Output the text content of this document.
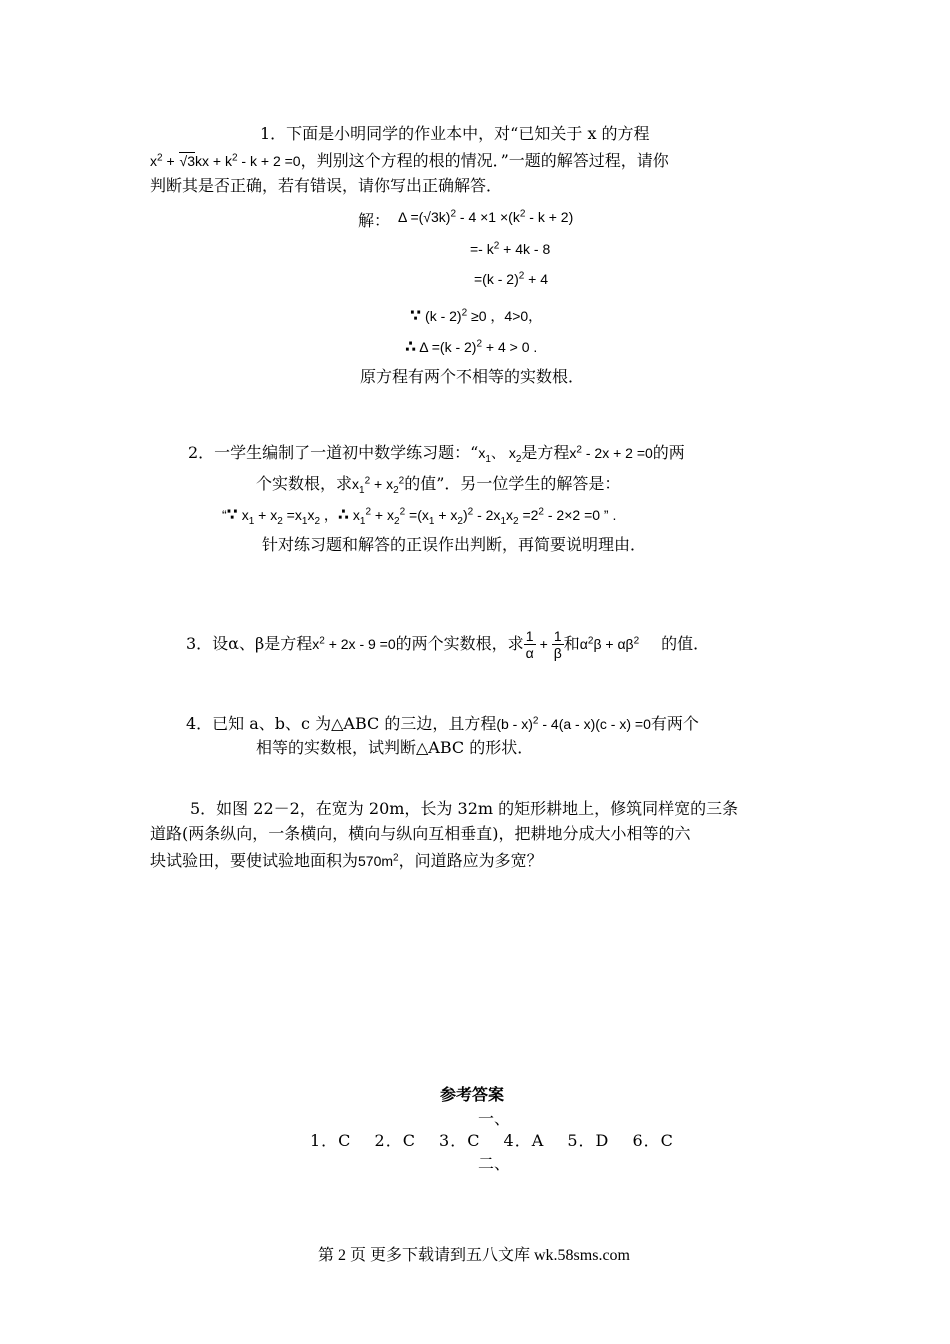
1．下面是小明同学的作业本中，对“已知关于 x 的方程
$x^2 + √3kx + k^2 - k + 2 =0$，判别这个方程的根的情况．”一题的解答过程，请你
判断其是否正确，若有错误，请你写出正确解答．
解： $\Delta =(√3k)^2 - 4 \times 1 \times(k^2 - k + 2)$
=- $k^2 + 4k - 8$
=(k - 2)$^2$ + 4
∵ (k - 2)$^2$ ≥0 ，4>0，
∴ Δ =(k - 2)$^2$ + 4 > 0 .
原方程有两个不相等的实数根．
2．一学生编制了一道初中数学练习题：“$x_1$、 $x_2$是方程$x^2 - 2x + 2 =0$的两
个实数根，求$x_1^2 + x_2^2$的值”．另一位学生的解答是：
“∵ $x_1 + x_2 =x_1x_2$ ，∴ $x_1^2 + x_2^2 =(x_1 + x_2)^2 - 2x_1x_2 =2^2 - 2\times 2 =0$ ” .
针对练习题和解答的正误作出判断，再简要说明理由．
3．设α、β是方程$x^2 + 2x - 9 =0$的两个实数根，求 $\frac{1}{\alpha} + \frac{1}{\beta}$ 和$\alpha^2\beta + \alpha\beta^2$ 的值．
4．已知 a、b、c 为△ABC 的三边，且方程(b - x)$^2$ - 4(a - x)(c - x) =0有两个
相等的实数根，试判断△ABC 的形状．
5．如图 22－2，在宽为 20m，长为 32m 的矩形耕地上，修筑同样宽的三条
道路(两条纵向，一条横向，横向与纵向互相垂直)，把耕地分成大小相等的六
块试验田，要使试验地面积为$570m^2$，问道路应为多宽？
参考答案
一、
1．C　 2．C　 3．C　 4．A　 5．D　 6．C
二、
第 2 页 更多下载请到五八文库 wk.58sms.com
